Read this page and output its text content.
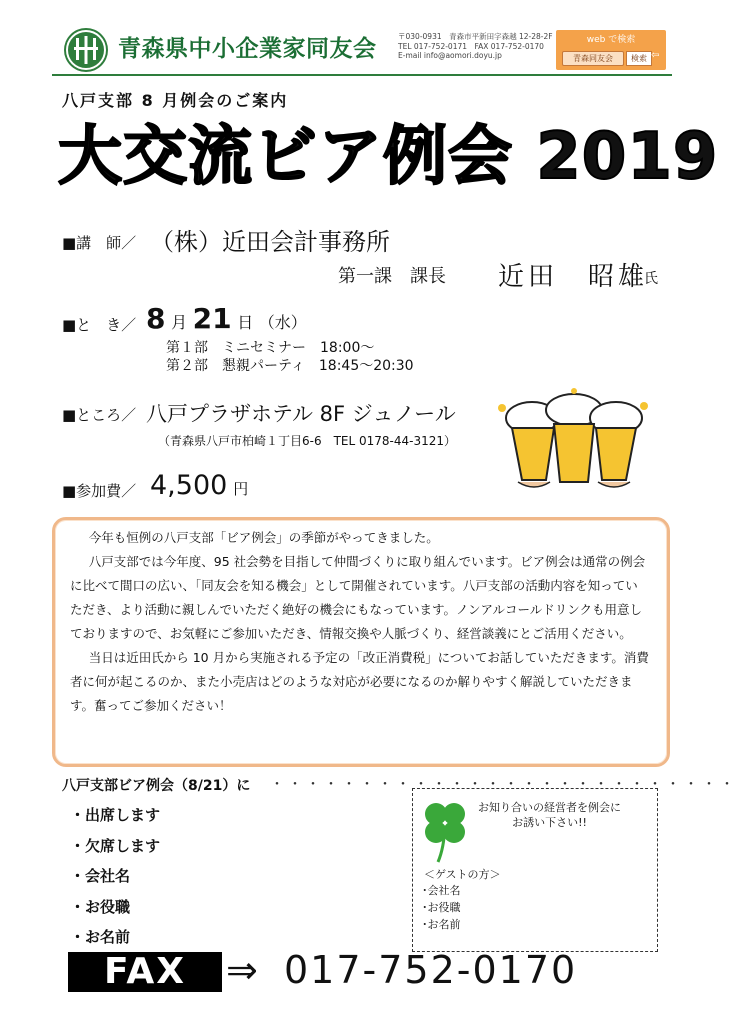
青森県中小企業家同友会	〒030-0931　青森市平新田字森越 12-28-2F
TEL 017-752-0171　FAX 017-752-0170
E-mail info@aomori.doyu.jp
web で検索
青森同友会	検索 ⇦
八戸支部 8 月例会のご案内
大交流ビア例会 2019
■講　師／ （株）近田会計事務所
第一課　課長 近田　昭雄
氏
■と　き／ 8 月 21 日 （水）
第１部　ミニセミナー　18:00～
第２部　懇親パーティ　18:45～20:30
■ところ／ 八戸プラザホテル 8F ジュノール
（青森県八戸市柏崎１丁目6-6　TEL 0178-44-3121）
■参加費／ 4,500 円

今年も恒例の八戸支部「ビア例会」の季節がやってきました。

八戸支部では今年度、95 社会勢を目指して仲間づくりに取り組んでいます。ビア例会は通常の例会に比べて間口の広い、「同友会を知る機会」として開催されています。八戸支部の活動内容を知っていただき、より活動に親しんでいただく絶好の機会にもなっています。ノンアルコールドリンクも用意しておりますので、お気軽にご参加いただき、情報交換や人脈づくり、経営談義にとご活用ください。

当日は近田氏から 10 月から実施される予定の「改正消費税」についてお話していただきます。消費者に何が起こるのか、また小売店はどのような対応が必要になるのか解りやすく解説していただきます。奮ってご参加ください！

八戸支部ビア例会（8/21）に ・・・・・・・・・・・・・・・・・・・・・・・・・・
・出席します
・欠席します
・会社名
・お役職
・お名前
お知り合いの経営者を例会に
お誘い下さい!!
＜ゲストの方＞
･会社名
･お役職
･お名前
FAX	⇒ 017-752-0170
